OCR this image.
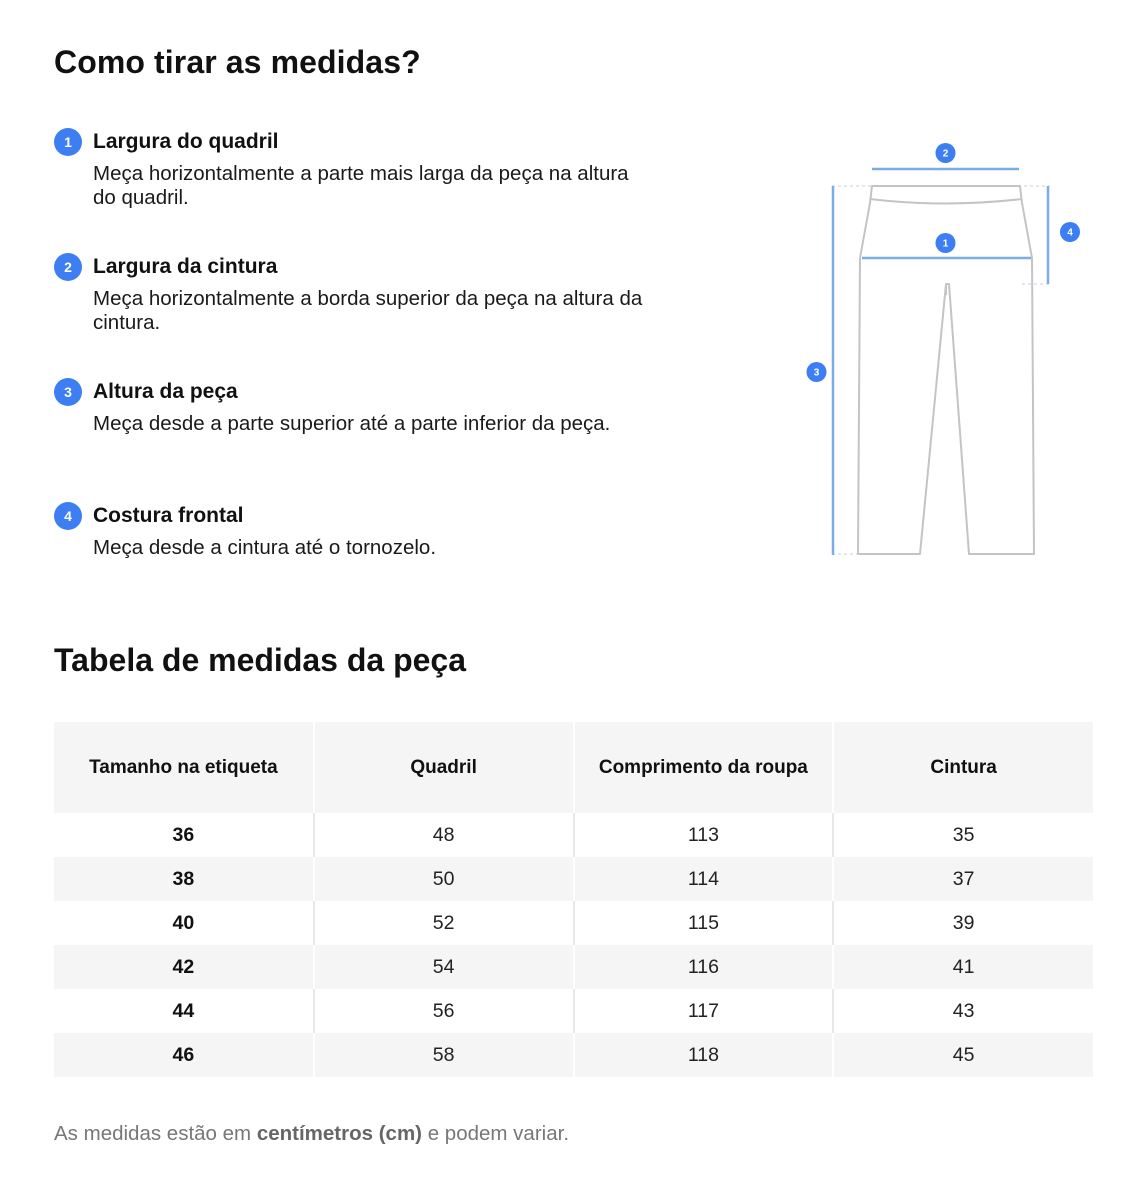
Como tirar as medidas?
1	Largura do quadril
Meça horizontalmente a parte mais larga da peça na altura do quadril.
2	Largura da cintura
Meça horizontalmente a borda superior da peça na altura da cintura.
3	Altura da peça
Meça desde a parte superior até a parte inferior da peça.
4	Costura frontal
Meça desde a cintura até o tornozelo.
2
1
3
4
Tabela de medidas da peça
Tamanho na etiqueta	Quadril	Comprimento da roupa	Cintura
36	48	113	35
38	50	114	37
40	52	115	39
42	54	116	41
44	56	117	43
46	58	118	45
As medidas estão em centímetros (cm) e podem variar.
